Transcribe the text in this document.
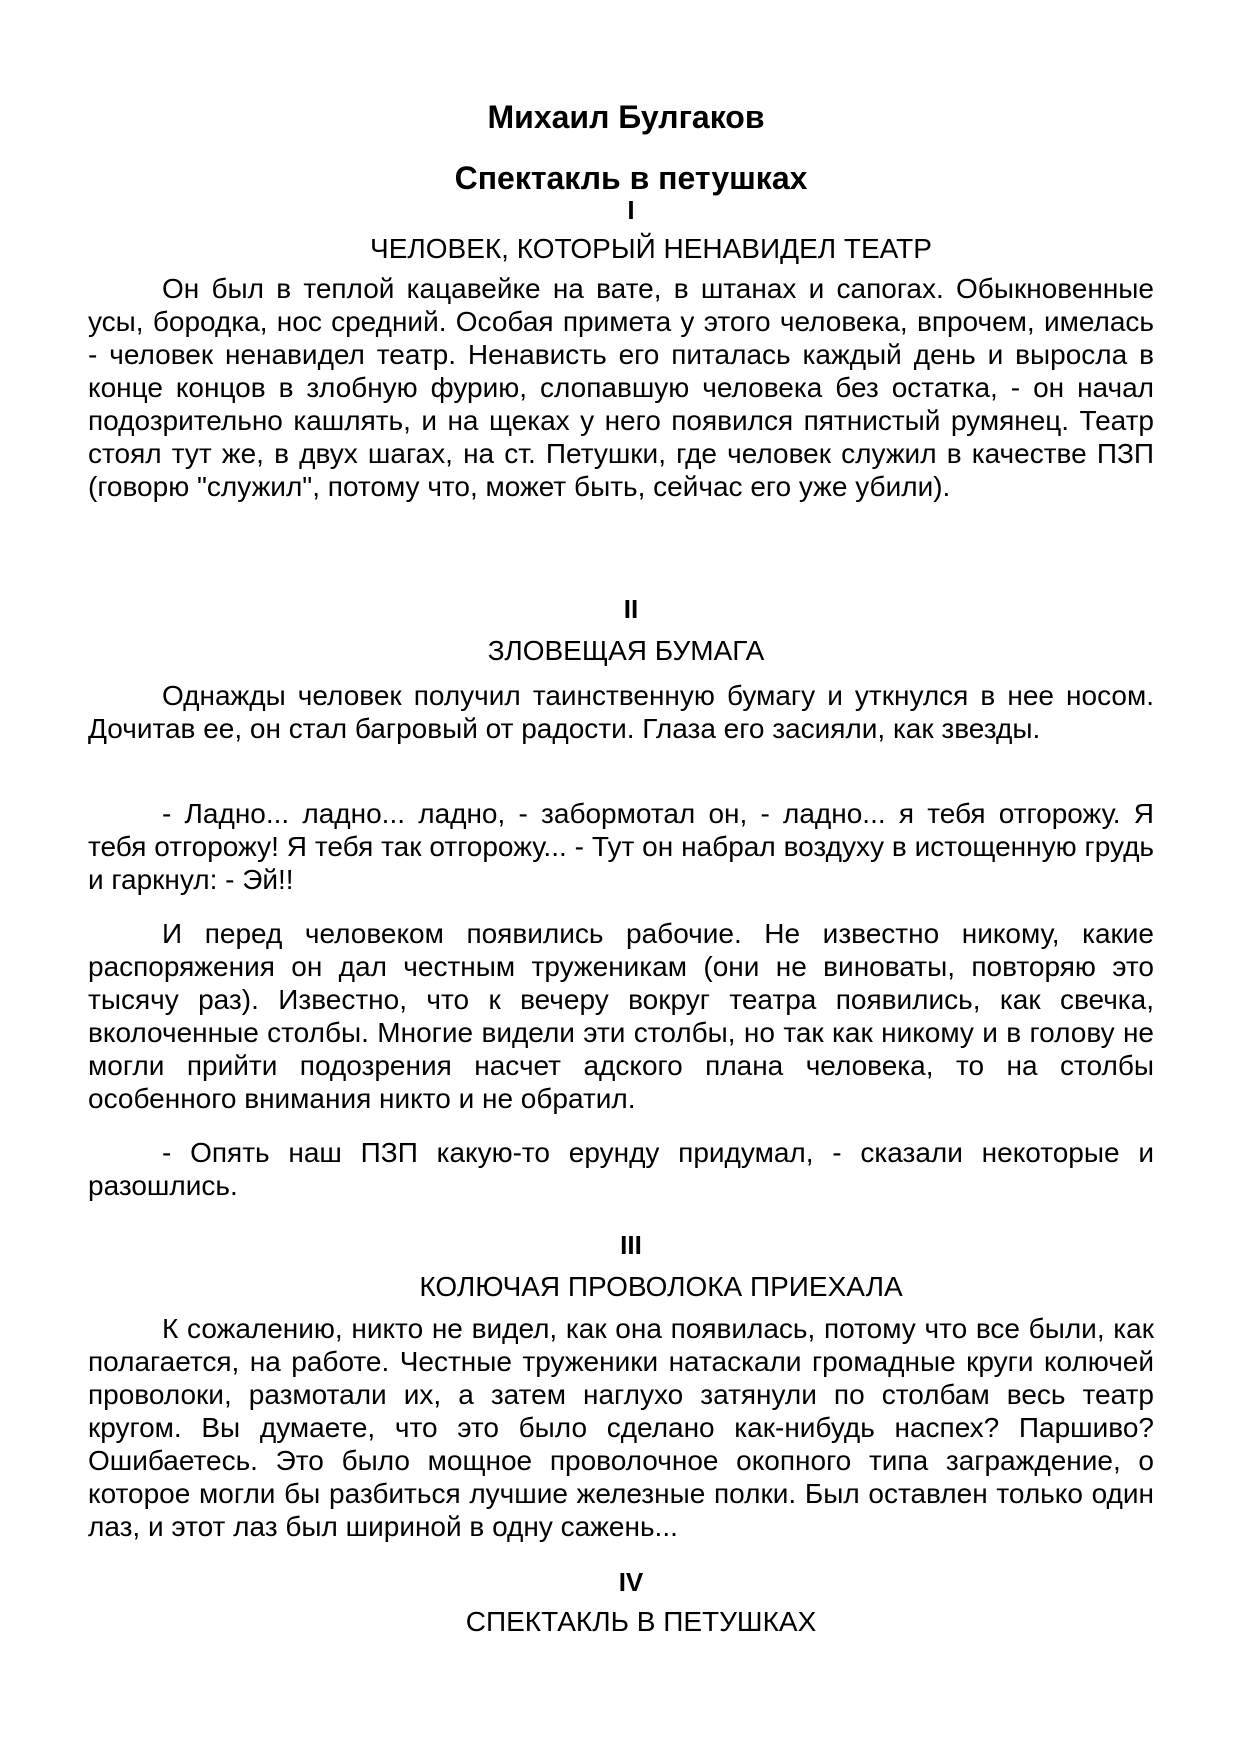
Михаил Булгаков
Спектакль в петушках
I
ЧЕЛОВЕК, КОТОРЫЙ НЕНАВИДЕЛ ТЕАТР

Он был в теплой кацавейке на вате, в штанах и сапогах. Обыкновенные усы, бородка, нос средний. Особая примета у этого человека, впрочем, имелась - человек ненавидел театр. Ненависть его питалась каждый день и выросла в конце концов в злобную фурию, слопавшую человека без остатка, - он начал подозрительно кашлять, и на щеках у него появился пятнистый румянец. Театр стоял тут же, в двух шагах, на ст. Петушки, где человек служил в качестве ПЗП (говорю "служил", потому что, может быть, сейчас его уже убили).

II
ЗЛОВЕЩАЯ БУМАГА

Однажды человек получил таинственную бумагу и уткнулся в нее носом. Дочитав ее, он стал багровый от радости. Глаза его засияли, как звезды.

- Ладно... ладно... ладно, - забормотал он, - ладно... я тебя отгорожу. Я тебя отгорожу! Я тебя так отгорожу... - Тут он набрал воздуху в истощенную грудь и гаркнул: - Эй!!

И перед человеком появились рабочие. Не известно никому, какие распоряжения он дал честным труженикам (они не виноваты, повторяю это тысячу раз). Известно, что к вечеру вокруг театра появились, как свечка, вколоченные столбы. Многие видели эти столбы, но так как никому и в голову не могли прийти подозрения насчет адского плана человека, то на столбы особенного внимания никто и не обратил.

- Опять наш ПЗП какую-то ерунду придумал, - сказали некоторые и разошлись.

III
КОЛЮЧАЯ ПРОВОЛОКА ПРИЕХАЛА

К сожалению, никто не видел, как она появилась, потому что все были, как полагается, на работе. Честные труженики натаскали громадные круги колючей проволоки, размотали их, а затем наглухо затянули по столбам весь театр кругом. Вы думаете, что это было сделано как-нибудь наспех? Паршиво? Ошибаетесь. Это было мощное проволочное окопного типа заграждение, о которое могли бы разбиться лучшие железные полки. Был оставлен только один лаз, и этот лаз был шириной в одну сажень...

IV
СПЕКТАКЛЬ В ПЕТУШКАХ
